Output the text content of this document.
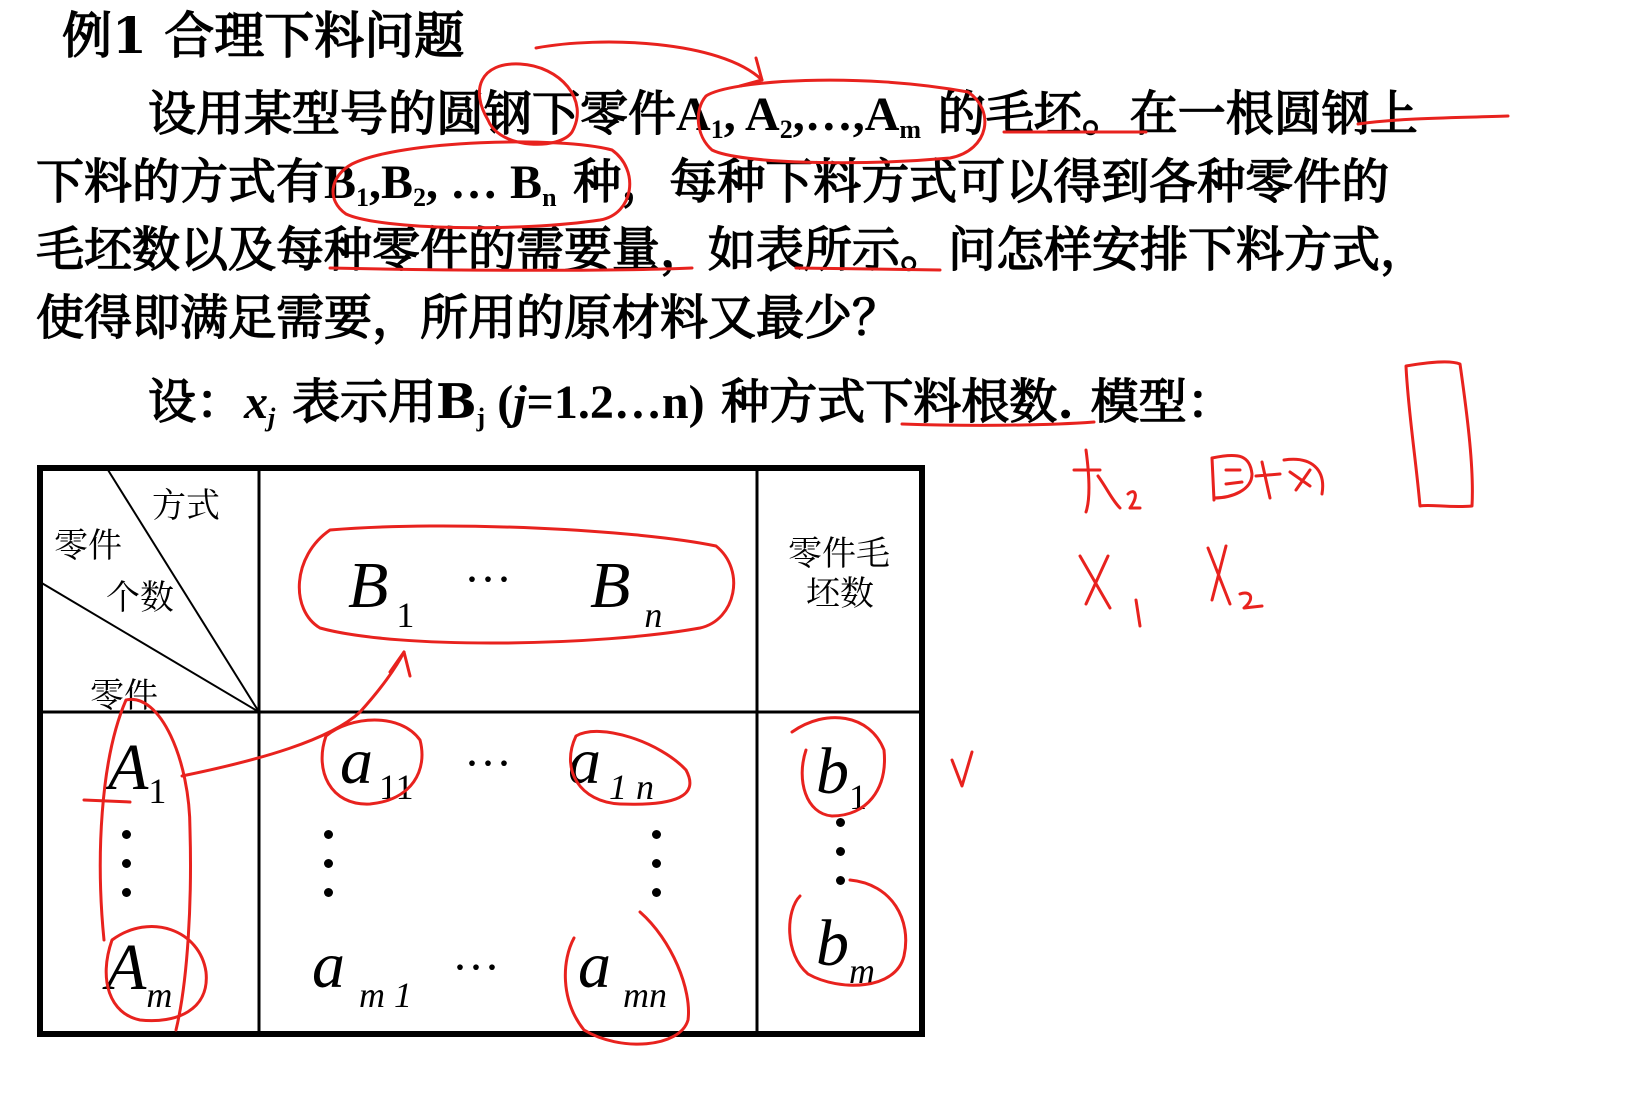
例1 合理下料问题
设用某型号的圆钢下零件$A_1$, $A_2,\dots,A_m$ 的毛坯。在一根圆钢上
下料的方式有$B_1,B_2$, … $B_n$ 种，每种下料方式可以得到各种零件的
毛坯数以及每种零件的需要量，如表所示。问怎样安排下料方式，
使得即满足需要，所用的原材料又最少？
设：$x_j$ 表示用$B_j$ (j=1.2…n) 种方式下料根数. 模型：
方式
零件
个数
零件
零件毛
坯数
B $_1$
··· B $_n$
$A_1$
$A_m$
a $_{11}$ ··· a $_{1 n}$
a $_{m 1}$
··· a $_{mn}$
$b_1$
$b_m$
